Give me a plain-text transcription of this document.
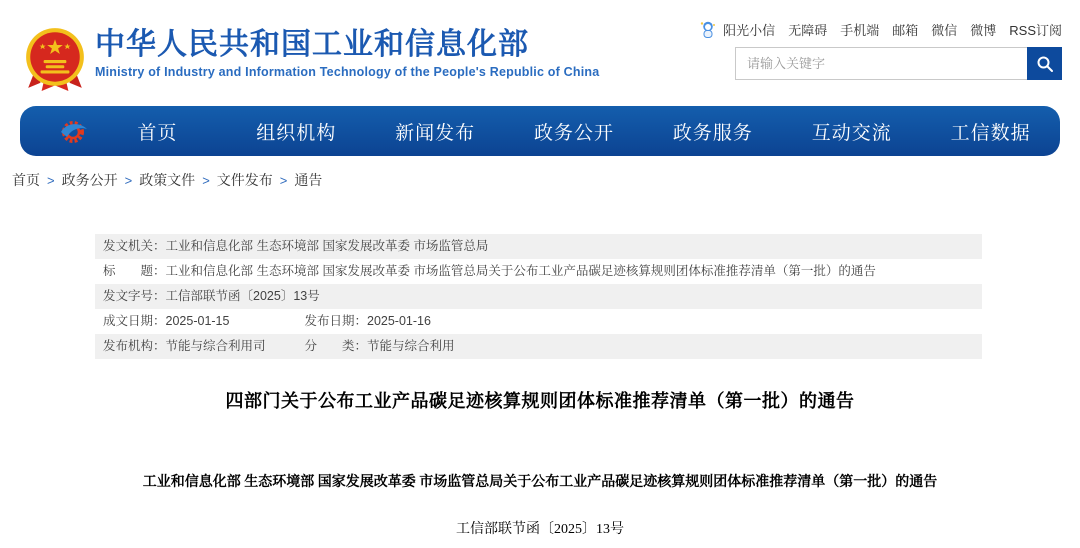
中华人民共和国工业和信息化部
Ministry of Industry and Information Technology of the People's Republic of China
阳光小信 无障碍 手机端 邮箱 微信 微博 RSS订阅
请输入关键字
首页	组织机构	新闻发布	政务公开	政务服务	互动交流	工信数据
首页 > 政务公开 > 政策文件 > 文件发布 > 通告
发文机关：工业和信息化部 生态环境部 国家发展改革委 市场监管总局
标　　题：工业和信息化部 生态环境部 国家发展改革委 市场监管总局关于公布工业产品碳足迹核算规则团体标准推荐清单（第一批）的通告
发文字号：工信部联节函〔2025〕13号
成文日期：2025-01-15	发布日期：2025-01-16
发布机构：节能与综合利用司	分　　类：节能与综合利用
四部门关于公布工业产品碳足迹核算规则团体标准推荐清单（第一批）的通告
工业和信息化部 生态环境部 国家发展改革委 市场监管总局关于公布工业产品碳足迹核算规则团体标准推荐清单（第一批）的通告
工信部联节函〔2025〕13号
